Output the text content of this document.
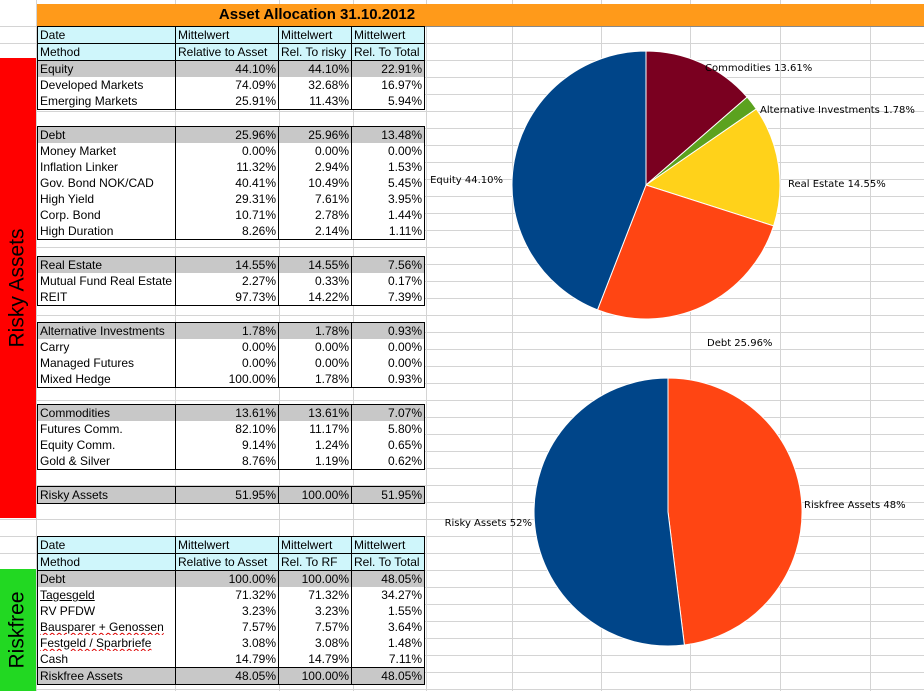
Risky Assets
Riskfree
Asset Allocation 31.10.2012
Date	Mittelwert	Mittelwert	Mittelwert
Method	Relative to Asset	Rel. To risky	Rel. To Total
Equity	44.10%	44.10%	22.91%
Developed Markets	74.09%	32.68%	16.97%
Emerging Markets	25.91%	11.43%	5.94%

Debt	25.96%	25.96%	13.48%
Money Market	0.00%	0.00%	0.00%
Inflation Linker	11.32%	2.94%	1.53%
Gov. Bond NOK/CAD	40.41%	10.49%	5.45%
High Yield	29.31%	7.61%	3.95%
Corp. Bond	10.71%	2.78%	1.44%
High Duration	8.26%	2.14%	1.11%

Real Estate	14.55%	14.55%	7.56%
Mutual Fund Real Estate	2.27%	0.33%	0.17%
REIT	97.73%	14.22%	7.39%

Alternative Investments	1.78%	1.78%	0.93%
Carry	0.00%	0.00%	0.00%
Managed Futures	0.00%	0.00%	0.00%
Mixed Hedge	100.00%	1.78%	0.93%

Commodities	13.61%	13.61%	7.07%
Futures Comm.	82.10%	11.17%	5.80%
Equity Comm.	9.14%	1.24%	0.65%
Gold & Silver	8.76%	1.19%	0.62%

Risky Assets	51.95%	100.00%	51.95%
Date	Mittelwert	Mittelwert	Mittelwert
Method	Relative to Asset	Rel. To RF	Rel. To Total
Debt	100.00%	100.00%	48.05%
Tagesgeld	71.32%	71.32%	34.27%
RV PFDW	3.23%	3.23%	1.55%
Bausparer + Genossen	7.57%	7.57%	3.64%
Festgeld / Sparbriefe	3.08%	3.08%	1.48%
Cash	14.79%	14.79%	7.11%
Riskfree Assets	48.05%	100.00%	48.05%
Commodities 13.61%
Alternative Investments 1.78%
Real Estate 14.55%
Debt 25.96%
Equity 44.10%
Riskfree Assets 48%
Risky Assets 52%
